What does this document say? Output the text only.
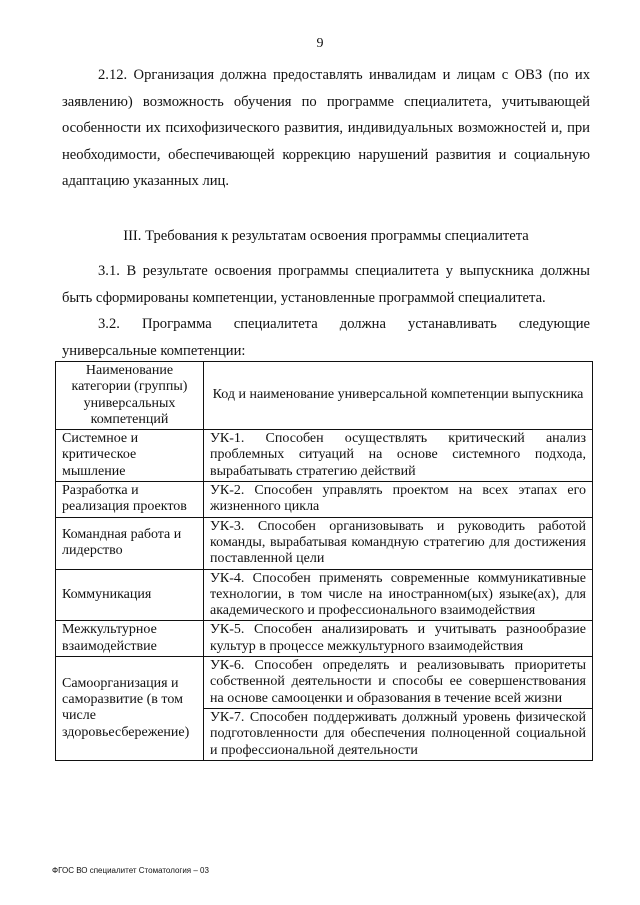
9
2.12. Организация должна предоставлять инвалидам и лицам с ОВЗ (по их заявлению) возможность обучения по программе специалитета, учитывающей особенности их психофизического развития, индивидуальных возможностей и, при необходимости, обеспечивающей коррекцию нарушений развития и социальную адаптацию указанных лиц.
III. Требования к результатам освоения программы специалитета
3.1. В результате освоения программы специалитета у выпускника должны быть сформированы компетенции, установленные программой специалитета.
3.2. Программа специалитета должна устанавливать следующие универсальные компетенции:
Наименование категории (группы) универсальных компетенций	Код и наименование универсальной компетенции выпускника
Системное и критическое мышление	УК-1. Способен осуществлять критический анализ проблемных ситуаций на основе системного подхода, вырабатывать стратегию действий
Разработка и реализация проектов	УК-2. Способен управлять проектом на всех этапах его жизненного цикла
Командная работа и лидерство	УК-3. Способен организовывать и руководить работой команды, вырабатывая командную стратегию для достижения поставленной цели
Коммуникация	УК-4. Способен применять современные коммуникативные технологии, в том числе на иностранном(ых) языке(ах), для академического и профессионального взаимодействия
Межкультурное взаимодействие	УК-5. Способен анализировать и учитывать разнообразие культур в процессе межкультурного взаимодействия
Самоорганизация и саморазвитие (в том числе здоровьесбережение)	УК-6. Способен определять и реализовывать приоритеты собственной деятельности и способы ее совершенствования на основе самооценки и образования в течение всей жизни
УК-7. Способен поддерживать должный уровень физической подготовленности для обеспечения полноценной социальной и профессиональной деятельности
ФГОС ВО специалитет Стоматология – 03
